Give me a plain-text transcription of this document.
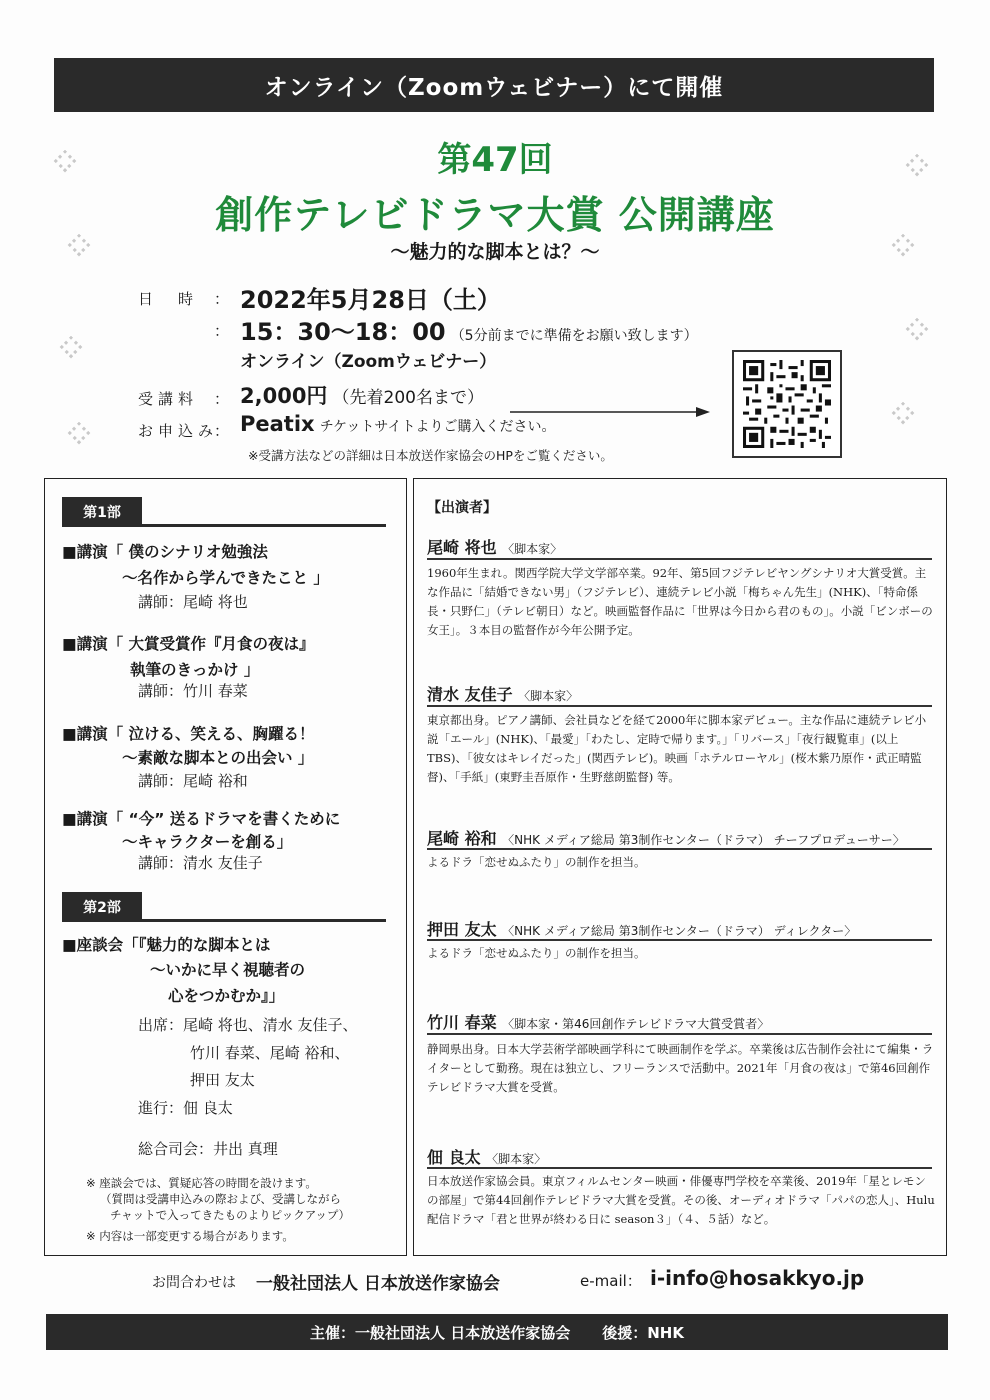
オンライン（Zoomウェビナー）にて開催
第47回
創作テレビドラマ大賞 公開講座
〜魅力的な脚本とは？〜
日　時 ： 2022年5月28日（土）
： 15：30〜18：00 （5分前までに準備をお願い致します）
オンライン（Zoomウェビナー）
受講料 ： 2,000円 （先着200名まで）
お申込み
： Peatix チケットサイトよりご購入ください。
※受講方法などの詳細は日本放送作家協会のHPをご覧ください。
第1部
■講演「 僕のシナリオ勉強法
〜名作から学んできたこと 」
講師：尾崎 将也
■講演「 大賞受賞作『月食の夜は』
執筆のきっかけ 」
講師：竹川 春菜
■講演「 泣ける、笑える、胸躍る！
〜素敵な脚本との出会い 」
講師：尾崎 裕和
■講演「 “今” 送るドラマを書くために
〜キャラクターを創る」
講師：清水 友佳子
第2部
■座談会「『魅力的な脚本とは
〜いかに早く視聴者の
心をつかむか』」
出席：尾崎 将也、清水 友佳子、
竹川 春菜、尾崎 裕和、
押田 友太
進行：佃 良太
総合司会：井出 真理
※ 座談会では、質疑応答の時間を設けます。
（質問は受講申込みの際および、受講しながら
チャットで入ってきたものよりピックアップ）
※ 内容は一部変更する場合があります。
【出演者】
尾崎 将也 〈脚本家〉
1960年生まれ。関西学院大学文学部卒業。92年、第5回フジテレビヤングシナリオ大賞受賞。主な作品に「結婚できない男」（フジテレビ）、連続テレビ小説「梅ちゃん先生」(NHK)、「特命係長・只野仁」（テレビ朝日）など。映画監督作品に「世界は今日から君のもの」。小説「ビンボーの女王」。３本目の監督作が今年公開予定。
清水 友佳子 〈脚本家〉
東京都出身。ピアノ講師、会社員などを経て2000年に脚本家デビュー。主な作品に連続テレビ小説「エール」(NHK)、「最愛」「わたし、定時で帰ります。」「リバース」「夜行観覧車」(以上TBS)、「彼女はキレイだった」(関西テレビ)。映画「ホテルローヤル」(桜木紫乃原作・武正晴監督)、「手紙」(東野圭吾原作・生野慈朗監督) 等。
尾崎 裕和 〈NHK メディア総局 第3制作センター（ドラマ） チーフプロデューサー〉
よるドラ「恋せぬふたり」の制作を担当。
押田 友太 〈NHK メディア総局 第3制作センター（ドラマ） ディレクター〉
よるドラ「恋せぬふたり」の制作を担当。
竹川 春菜 〈脚本家・第46回創作テレビドラマ大賞受賞者〉
静岡県出身。日本大学芸術学部映画学科にて映画制作を学ぶ。卒業後は広告制作会社にて編集・ライターとして勤務。現在は独立し、フリーランスで活動中。2021年「月食の夜は」で第46回創作テレビドラマ大賞を受賞。
佃 良太 〈脚本家〉
日本放送作家協会員。東京フィルムセンター映画・俳優専門学校を卒業後、2019年「星とレモンの部屋」で第44回創作テレビドラマ大賞を受賞。その後、オーディオドラマ「パパの恋人」、Hulu配信ドラマ「君と世界が終わる日に season３」（４、５話）など。
お問合わせは 一般社団法人 日本放送作家協会	e-mail： i-info@hosakkyo.jp
主催：一般社団法人 日本放送作家協会 後援：NHK
